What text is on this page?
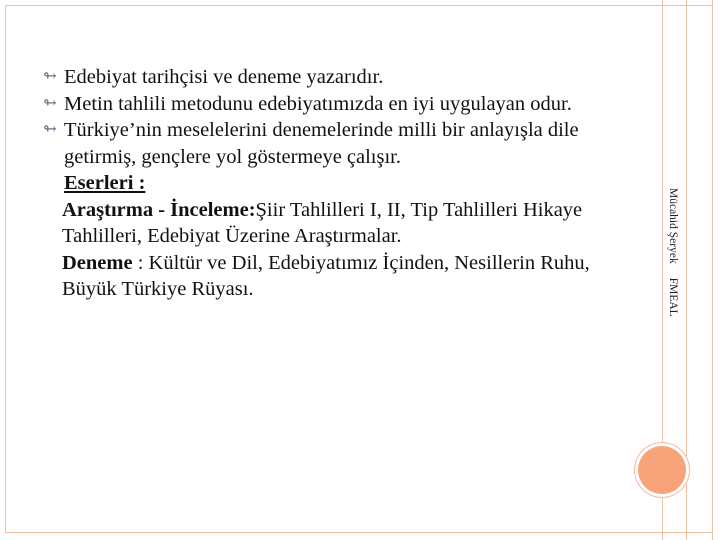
Mücahid ŞeryekFMEAL
↬ Edebiyat tarihçisi ve deneme yazarıdır.
↬ Metin tahlili metodunu edebiyatımızda en iyi uygulayan odur.
↬ Türkiye’nin meselelerini denemelerinde milli bir anlayışla dile getirmiş, gençlere yol göstermeye çalışır.
Eserleri :
Araştırma - İnceleme:Şiir Tahlilleri I, II, Tip Tahlilleri Hikaye Tahlilleri, Edebiyat Üzerine Araştırmalar.
Deneme : Kültür ve Dil, Edebiyatımız İçinden, Nesillerin Ruhu, Büyük Türkiye Rüyası.
